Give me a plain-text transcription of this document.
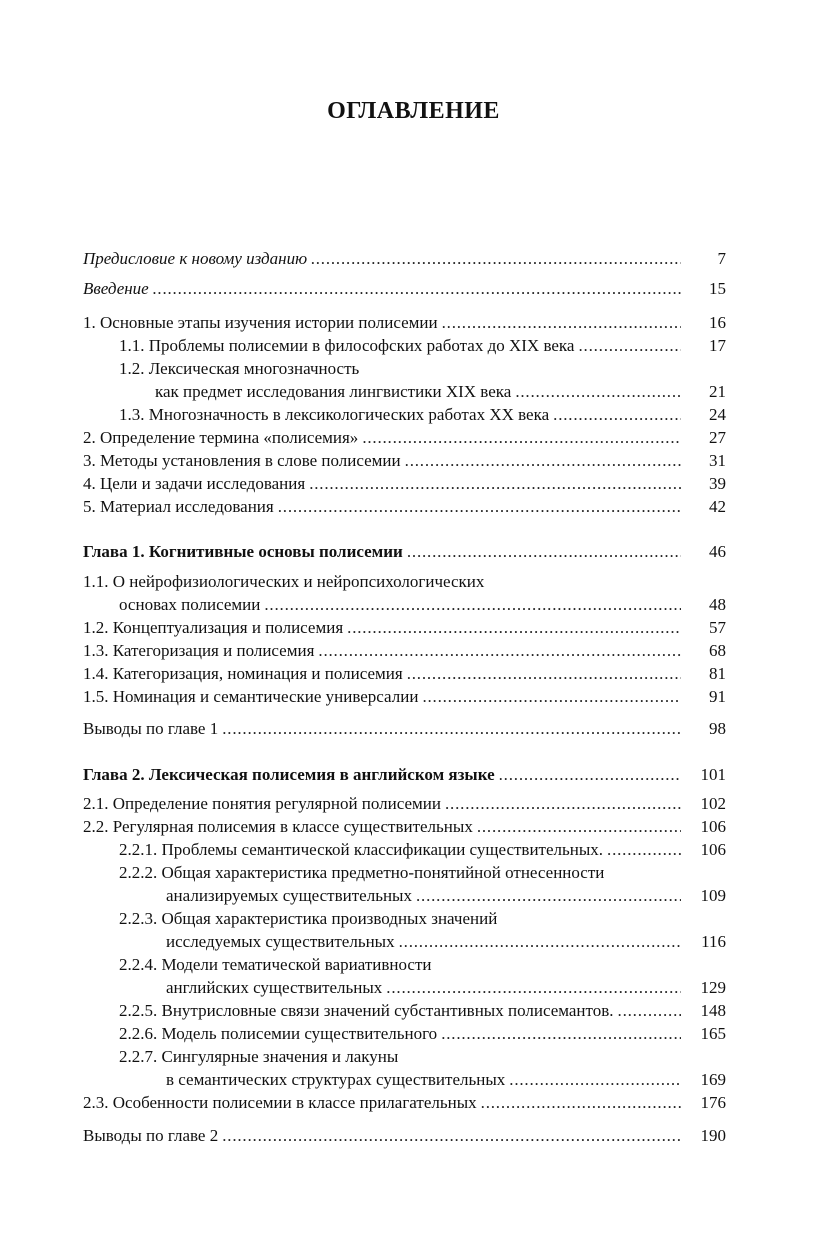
ОГЛАВЛЕНИЕ
Предисловие к новому изданию .....	7
Введение .....	15
1. Основные этапы изучения истории полисемии .....	16
1.1. Проблемы полисемии в философских работах до XIX века .....	17
1.2. Лексическая многозначность
как предмет исследования лингвистики XIX века .....	21
1.3. Многозначность в лексикологических работах XX века .....	24
2. Определение термина «полисемия» .....	27
3. Методы установления в слове полисемии .....	31
4. Цели и задачи исследования .....	39
5. Материал исследования .....	42
Глава 1. Когнитивные основы полисемии .....	46
1.1. О нейрофизиологических и нейропсихологических
основах полисемии .....	48
1.2. Концептуализация и полисемия .....	57
1.3. Категоризация и полисемия .....	68
1.4. Категоризация, номинация и полисемия .....	81
1.5. Номинация и семантические универсалии .....	91
Выводы по главе 1 .....	98
Глава 2. Лексическая полисемия в английском языке .....	101
2.1. Определение понятия регулярной полисемии .....	102
2.2. Регулярная полисемия в классе существительных .....	106
2.2.1. Проблемы семантической классификации существительных. .....	106
2.2.2. Общая характеристика предметно-понятийной отнесенности
анализируемых существительных .....	109
2.2.3. Общая характеристика производных значений
исследуемых существительных .....	116
2.2.4. Модели тематической вариативности
английских существительных .....	129
2.2.5. Внутрисловные связи значений субстантивных полисемантов. .....	148
2.2.6. Модель полисемии существительного .....	165
2.2.7. Сингулярные значения и лакуны
в семантических структурах существительных .....	169
2.3. Особенности полисемии в классе прилагательных .....	176
Выводы по главе 2 .....	190
